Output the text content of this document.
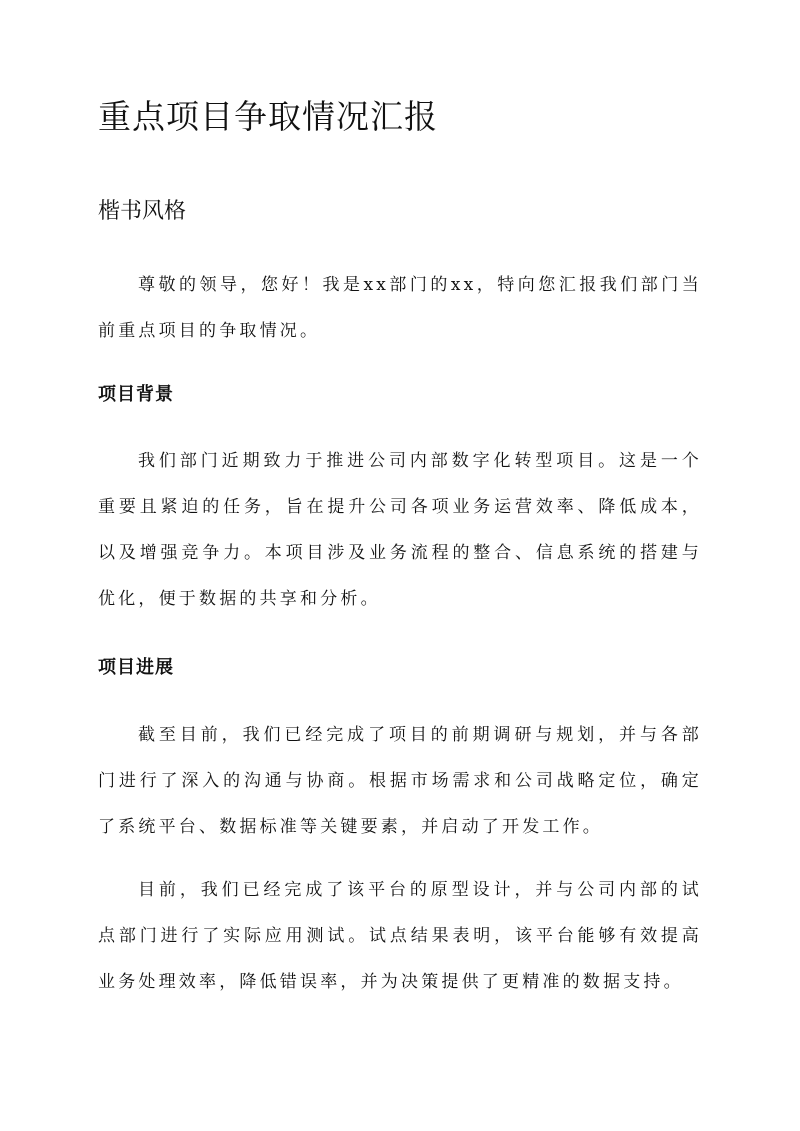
重点项目争取情况汇报
楷书风格

尊敬的领导，您好！我是xx部门的xx，特向您汇报我们部门当前重点项目的争取情况。

项目背景

我们部门近期致力于推进公司内部数字化转型项目。这是一个重要且紧迫的任务，旨在提升公司各项业务运营效率、降低成本，以及增强竞争力。本项目涉及业务流程的整合、信息系统的搭建与优化，便于数据的共享和分析。

项目进展

截至目前，我们已经完成了项目的前期调研与规划，并与各部门进行了深入的沟通与协商。根据市场需求和公司战略定位，确定了系统平台、数据标准等关键要素，并启动了开发工作。

目前，我们已经完成了该平台的原型设计，并与公司内部的试点部门进行了实际应用测试。试点结果表明，该平台能够有效提高业务处理效率，降低错误率，并为决策提供了更精准的数据支持。
